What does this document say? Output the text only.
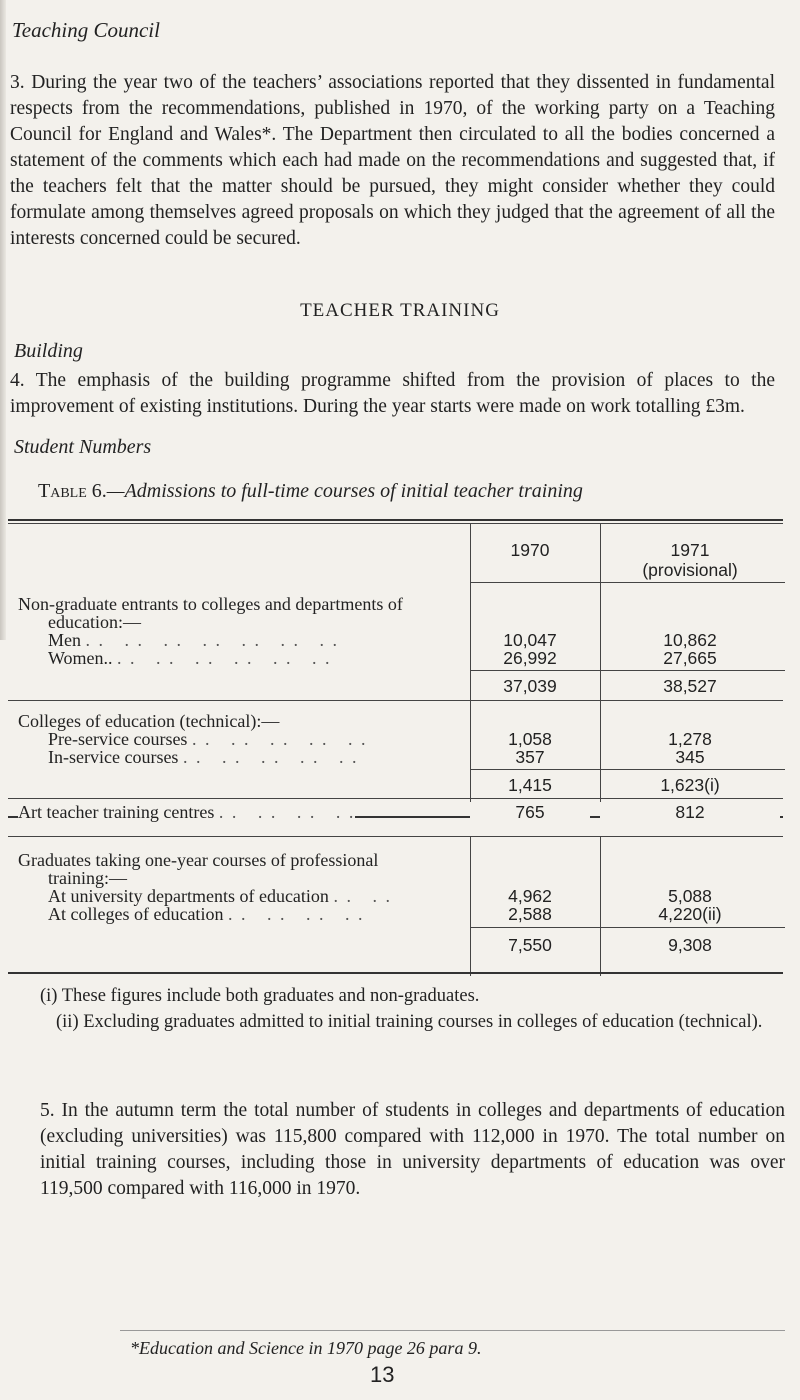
Teaching Council
3. During the year two of the teachers’ associations reported that they dissented in fundamental respects from the recommendations, published in 1970, of the working party on a Teaching Council for England and Wales*. The Department then circulated to all the bodies concerned a statement of the comments which each had made on the recommendations and suggested that, if the teachers felt that the matter should be pursued, they might consider whether they could formulate among themselves agreed proposals on which they judged that the agreement of all the interests concerned could be secured.
TEACHER TRAINING
Building
4. The emphasis of the building programme shifted from the provision of places to the improvement of existing institutions. During the year starts were made on work totalling £3m.
Student Numbers
Table 6.—Admissions to full-time courses of initial teacher training
1970	1971
(provisional)
Non-graduate entrants to colleges and departments of
education:—
Men . .   . .   . .   . .   . .   . .   . .	10,047	10,862
Women.. . .   . .   . .   . .   . .   . .	26,992	27,665
37,039	38,527
Colleges of education (technical):—
Pre-service courses . .   . .   . .   . .   . .	1,058	1,278
In-service courses . .   . .   . .   . .   . .	357	345
1,415	1,623(i)
Art teacher training centres . .   . .   . .   . .	765	812
Graduates taking one-year courses of professional
training:—
At university departments of education . .   . .	4,962	5,088
At colleges of education . .   . .   . .   . .	2,588	4,220(ii)
7,550	9,308
(i) These figures include both graduates and non-graduates.
(ii) Excluding graduates admitted to initial training courses in colleges of education (technical).
5. In the autumn term the total number of students in colleges and departments of education (excluding universities) was 115,800 compared with 112,000 in 1970. The total number on initial training courses, including those in university departments of education was over 119,500 compared with 116,000 in 1970.
*Education and Science in 1970 page 26 para 9.
13
